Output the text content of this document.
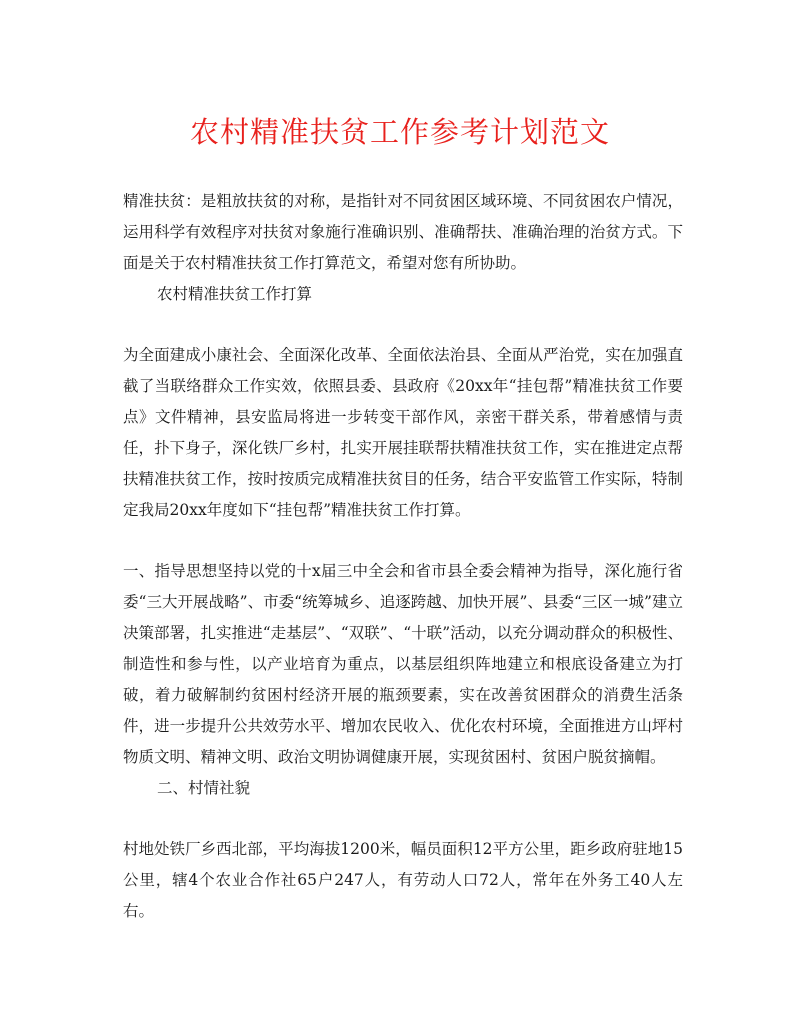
农村精准扶贫工作参考计划范文

精准扶贫：是粗放扶贫的对称，是指针对不同贫困区域环境、不同贫困农户情况，运用科学有效程序对扶贫对象施行准确识别、准确帮扶、准确治理的治贫方式。下面是关于农村精准扶贫工作打算范文，希望对您有所协助。

农村精准扶贫工作打算

为全面建成小康社会、全面深化改革、全面依法治县、全面从严治党，实在加强直截了当联络群众工作实效，依照县委、县政府《20xx年“挂包帮”精准扶贫工作要点》文件精神，县安监局将进一步转变干部作风，亲密干群关系，带着感情与责任，扑下身子，深化铁厂乡村，扎实开展挂联帮扶精准扶贫工作，实在推进定点帮扶精准扶贫工作，按时按质完成精准扶贫目的任务，结合平安监管工作实际，特制定我局20xx年度如下“挂包帮”精准扶贫工作打算。

一、指导思想坚持以党的十x届三中全会和省市县全委会精神为指导，深化施行省委“三大开展战略”、市委“统筹城乡、追逐跨越、加快开展”、县委“三区一城”建立决策部署，扎实推进“走基层”、“双联”、“十联”活动，以充分调动群众的积极性、制造性和参与性，以产业培育为重点，以基层组织阵地建立和根底设备建立为打破，着力破解制约贫困村经济开展的瓶颈要素，实在改善贫困群众的消费生活条件，进一步提升公共效劳水平、增加农民收入、优化农村环境，全面推进方山坪村物质文明、精神文明、政治文明协调健康开展，实现贫困村、贫困户脱贫摘帽。

二、村情社貌

村地处铁厂乡西北部，平均海拔1200米，幅员面积12平方公里，距乡政府驻地15公里，辖4个农业合作社65户247人，有劳动人口72人，常年在外务工40人左右。
